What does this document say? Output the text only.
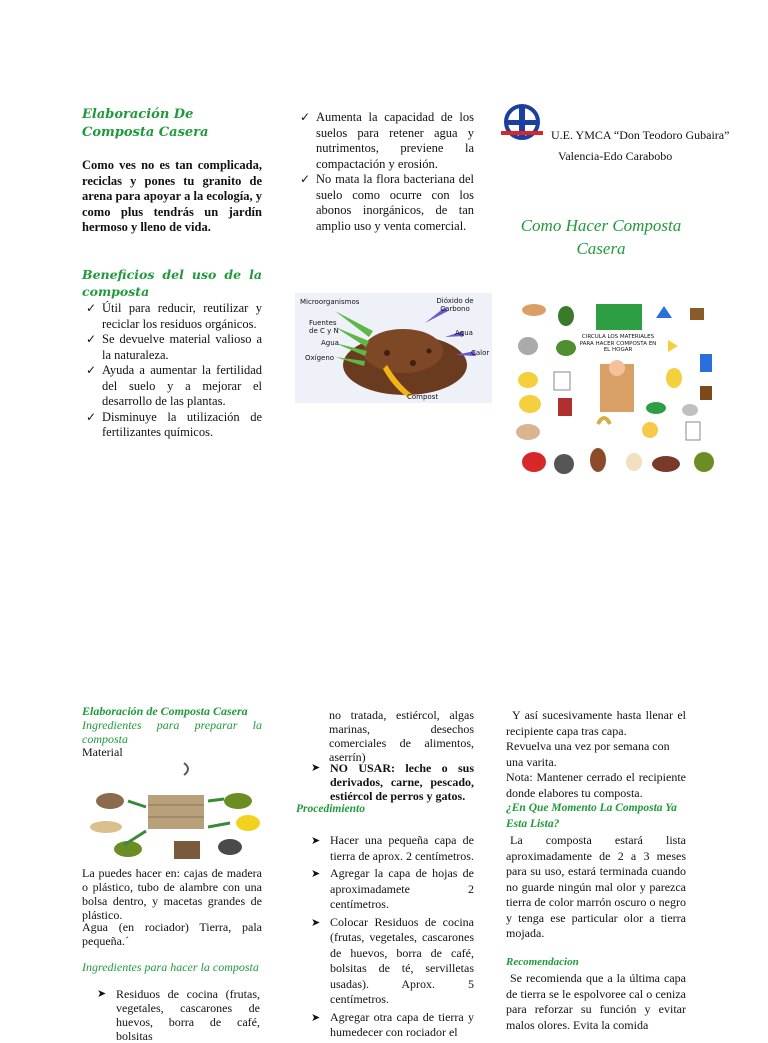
Elaboración De Composta Casera
Como ves no es tan complicada, reciclas y pones tu granito de arena para apoyar a la ecología, y como plus tendrás un jardín hermoso y lleno de vida.
Beneficios del uso de la composta
✓ Útil para reducir, reutilizar y reciclar los residuos orgánicos.
✓ Se devuelve material valioso a la naturaleza.
✓ Ayuda a aumentar la fertilidad del suelo y a mejorar el desarrollo de las plantas.
✓ Disminuye la utilización de fertilizantes químicos.
✓ Aumenta la capacidad de los suelos para retener agua y nutrimentos, previene la compactación y erosión.
✓ No mata la flora bacteriana del suelo como ocurre con los abonos inorgánicos, de tan amplio uso y venta comercial.
Microorganismos
Fuentes de C y N
Agua
Oxígeno
Dióxido de Carbono
Agua
Calor
Compost
U.E. YMCA “Don Teodoro Gubaira”
Valencia-Edo Carabobo
Como Hacer Composta Casera
CIRCULA LOS MATERIALES PARA HACER COMPOSTA EN EL HOGAR
Elaboración de Composta Casera
Ingredientes para preparar la composta
Material
La puedes hacer en: cajas de madera o plástico, tubo de alambre con una bolsa dentro, y macetas grandes de plástico.
Agua (en rociador) Tierra, pala pequeña.´
Ingredientes para hacer la composta
➤ Residuos de cocina (frutas, vegetales, cascarones de huevos, borra de café, bolsitas
no tratada, estiércol, algas marinas, desechos comerciales de alimentos, aserrín)
➤ NO USAR: leche o sus derivados, carne, pescado, estiércol de perros y gatos.
Procedimiento
➤ Hacer una pequeña capa de tierra de aprox. 2 centímetros.
➤ Agregar la capa de hojas de aproximadamete 2 centímetros.
➤ Colocar Residuos de cocina (frutas, vegetales, cascarones de huevos, borra de café, bolsitas de té, servilletas usadas). Aprox. 5 centímetros.
➤ Agregar otra capa de tierra y humedecer con rociador el
Y así sucesivamente hasta llenar el recipiente capa tras capa.
Revuelva una vez por semana con una varita.
Nota: Mantener cerrado el recipiente donde elabores tu composta.
¿En Que Momento La Composta Ya Esta Lista?
La composta estará lista aproximadamente de 2 a 3 meses para su uso, estará terminada cuando no guarde ningún mal olor y parezca tierra de color marrón oscuro o negro y tenga ese particular olor a tierra mojada.
Recomendacion
Se recomienda que a la última capa de tierra se le espolvoree cal o ceniza para reforzar su función y evitar malos olores. Evita la comida
